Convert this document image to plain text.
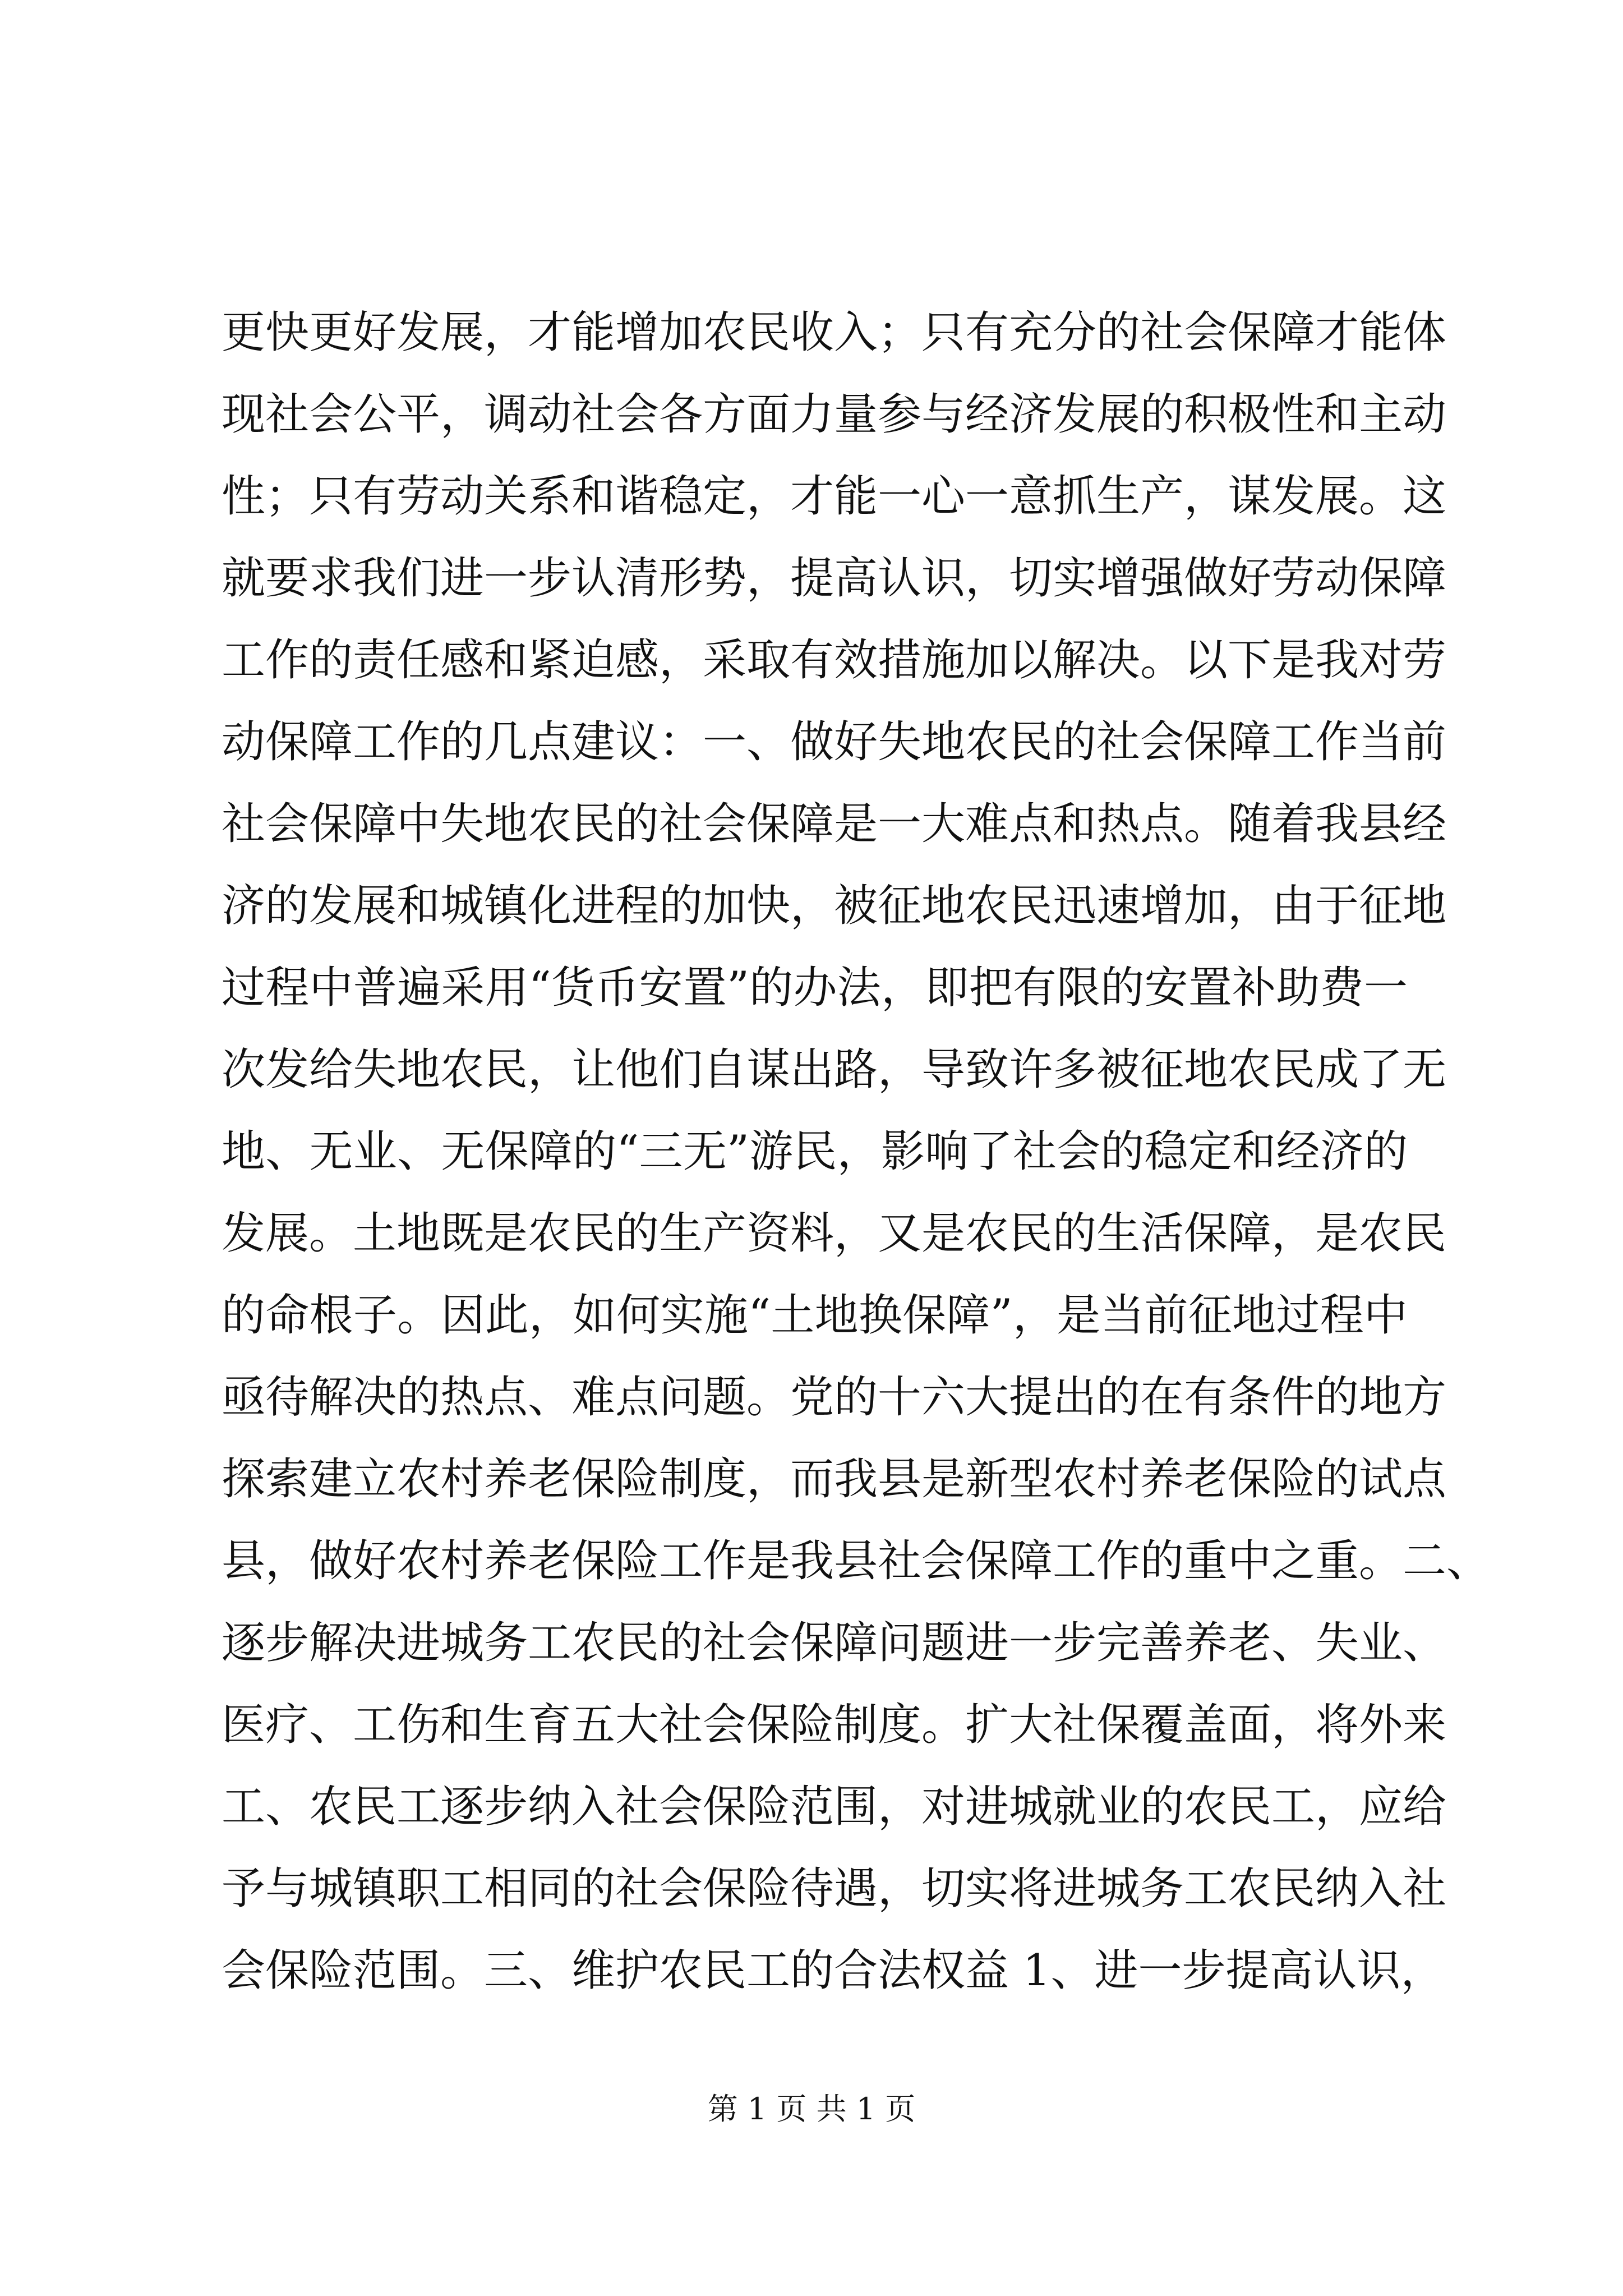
更快更好发展，才能增加农民收入；只有充分的社会保障才能体
现社会公平，调动社会各方面力量参与经济发展的积极性和主动
性；只有劳动关系和谐稳定，才能一心一意抓生产，谋发展。这
就要求我们进一步认清形势，提高认识，切实增强做好劳动保障
工作的责任感和紧迫感，采取有效措施加以解决。以下是我对劳
动保障工作的几点建议：一、做好失地农民的社会保障工作当前
社会保障中失地农民的社会保障是一大难点和热点。随着我县经
济的发展和城镇化进程的加快，被征地农民迅速增加，由于征地
过程中普遍采用“货币安置”的办法，即把有限的安置补助费一
次发给失地农民，让他们自谋出路，导致许多被征地农民成了无
地、无业、无保障的“三无”游民，影响了社会的稳定和经济的
发展。土地既是农民的生产资料，又是农民的生活保障，是农民
的命根子。因此，如何实施“土地换保障”，是当前征地过程中
亟待解决的热点、难点问题。党的十六大提出的在有条件的地方
探索建立农村养老保险制度，而我县是新型农村养老保险的试点
县，做好农村养老保险工作是我县社会保障工作的重中之重。二、
逐步解决进城务工农民的社会保障问题进一步完善养老、失业、
医疗、工伤和生育五大社会保险制度。扩大社保覆盖面，将外来
工、农民工逐步纳入社会保险范围，对进城就业的农民工，应给
予与城镇职工相同的社会保险待遇，切实将进城务工农民纳入社
会保险范围。三、维护农民工的合法权益 1、进一步提高认识，
第 1 页 共 1 页
